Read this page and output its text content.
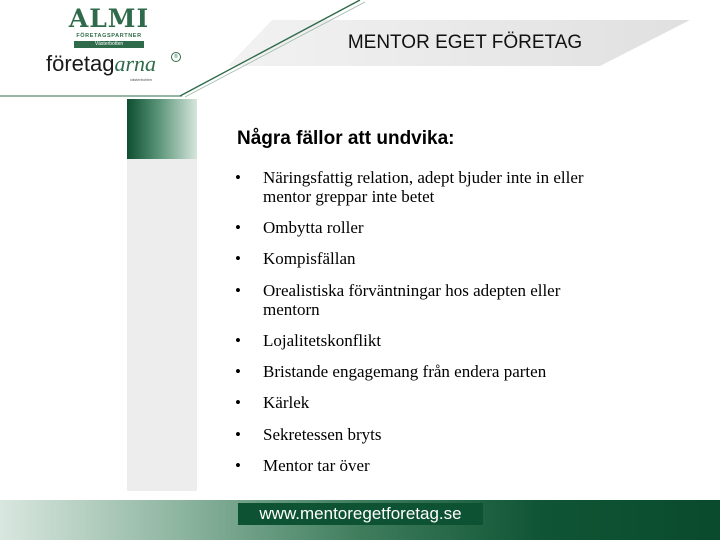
MENTOR EGET FÖRETAG
ALMI
FÖRETAGSPARTNER
Västerbotten
företagarna	®
västerbotten
Några fällor att undvika:
• Näringsfattig relation, adept bjuder inte in eller
mentor greppar inte betet
• Ombytta roller
• Kompisfällan
• Orealistiska förväntningar hos adepten eller
mentorn
• Lojalitetskonflikt
• Bristande engagemang från endera parten
• Kärlek
• Sekretessen bryts
• Mentor tar över
www.mentoregetforetag.se
